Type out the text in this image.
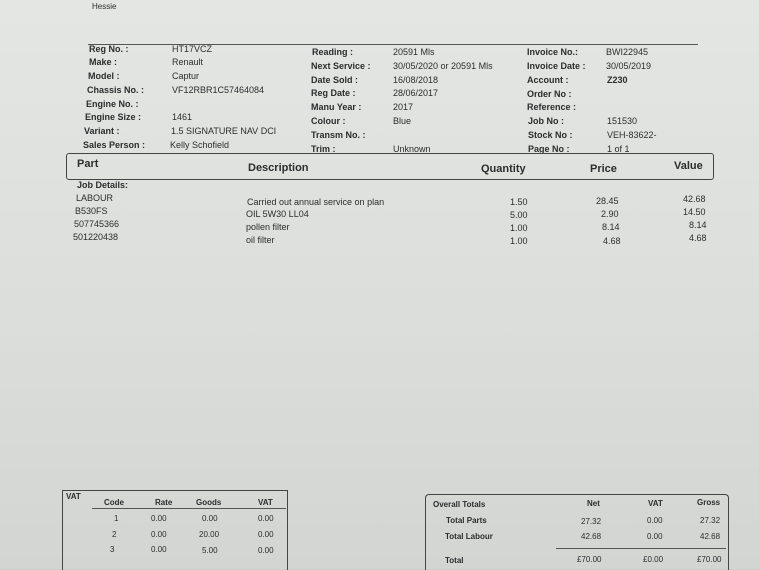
Hessie
Reg No. :	HT17VCZ
Make :	Renault
Model :	Captur
Chassis No. :	VF12RBR1C57464084
Engine No. :
Engine Size :	1461
Variant :	1.5 SIGNATURE NAV DCI
Sales Person :	Kelly Schofield
Reading :	20591 Mls
Next Service : 30/05/2020 or 20591 Mls
Date Sold :	16/08/2018
Reg Date :	28/06/2017
Manu Year :	2017
Colour :	Blue
Transm No. :
Trim :	Unknown
Invoice No.:	BWI22945
Invoice Date : 30/05/2019
Account :	Z230
Order No :
Reference :
Job No :	151530
Stock No :	VEH-83622-
Page No :	1 of 1
Part	Description	Quantity	Price	Value
Job Details:
LABOUR	Carried out annual service on plan	1.50	28.45	42.68
B530FS	OIL 5W30 LL04	5.00	2.90	14.50
507745366	pollen filter	1.00	8.14	8.14
501220438	oil filter	1.00	4.68	4.68
VAT
Code	Rate	Goods	VAT
1	0.00	0.00	0.00
2	0.00	20.00	0.00
3	0.00	5.00	0.00
Overall Totals	Net	VAT	Gross
Total Parts	27.32	0.00	27.32
Total Labour	42.68	0.00	42.68
Total	£70.00	£0.00	£70.00
